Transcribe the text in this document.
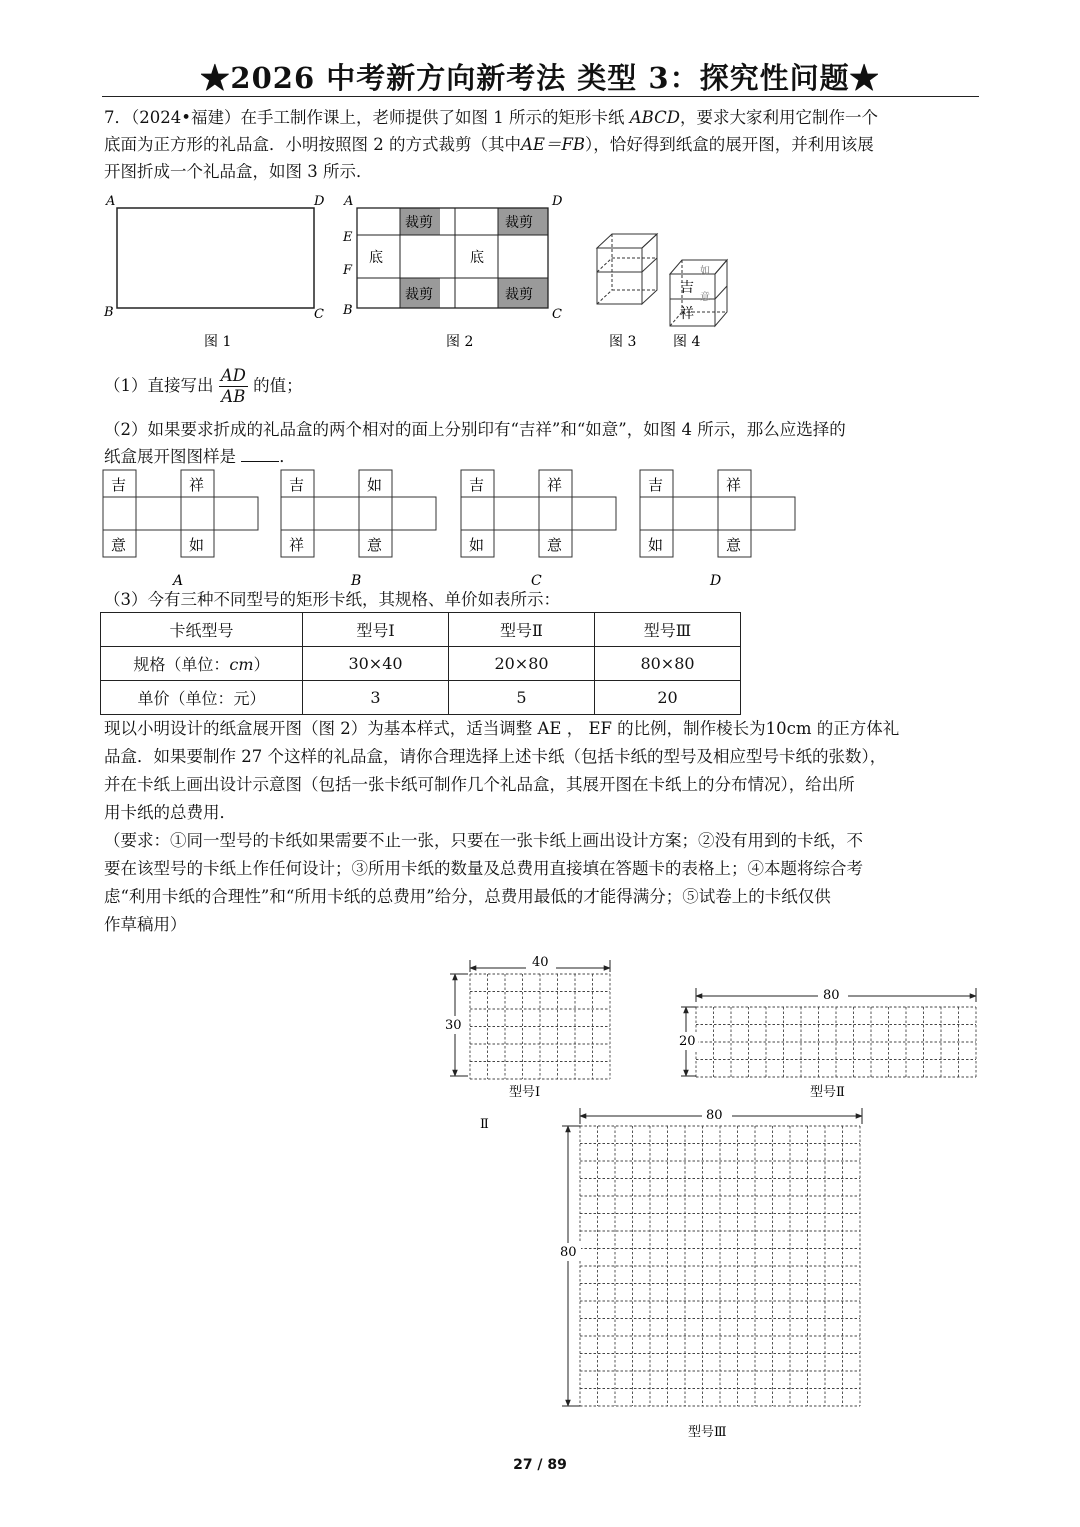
★2026 中考新方向新考法 类型 3：探究性问题★
7．（2024•福建）在手工制作课上，老师提供了如图 1 所示的矩形卡纸 ABCD，要求大家利用它制作一个
底面为正方形的礼品盒．小明按照图 2 的方式裁剪（其中AE＝FB），恰好得到纸盒的展开图，并利用该展
开图折成一个礼品盒，如图 3 所示．
A	D
B	C
图 1
裁剪	裁剪
裁剪	裁剪
底	底
A	D
E
F
B	C
图 2	图 3
吉
祥
如
意
图 4
（1）直接写出 $\frac{AD}{AB}$ 的值；
（2）如果要求折成的礼品盒的两个相对的面上分别印有“吉祥”和“如意”，如图 4 所示，那么应选择的
纸盒展开图图样是	．
吉	祥
意	如
A
吉	如
祥	意
B
吉	祥
如	意
C
吉	祥
如	意
D
（3）今有三种不同型号的矩形卡纸，其规格、单价如表所示：
卡纸型号	型号Ⅰ	型号Ⅱ	型号Ⅲ
规格（单位：cm）	30×40	20×80	80×80
单价（单位：元）	3	5	20
现以小明设计的纸盒展开图（图 2）为基本样式，适当调整 AE ， EF 的比例，制作棱长为10cm 的正方体礼
品盒．如果要制作 27 个这样的礼品盒，请你合理选择上述卡纸（包括卡纸的型号及相应型号卡纸的张数），
并在卡纸上画出设计示意图（包括一张卡纸可制作几个礼品盒，其展开图在卡纸上的分布情况），给出所
用卡纸的总费用．
（要求：①同一型号的卡纸如果需要不止一张，只要在一张卡纸上画出设计方案；②没有用到的卡纸，不
要在该型号的卡纸上作任何设计；③所用卡纸的数量及总费用直接填在答题卡的表格上；④本题将综合考
虑“利用卡纸的合理性”和“所用卡纸的总费用”给分，总费用最低的才能得满分；⑤试卷上的卡纸仅供
作草稿用）
40
30
型号Ⅰ
80
20
型号Ⅱ
Ⅱ
80
80
型号Ⅲ
27 / 89
